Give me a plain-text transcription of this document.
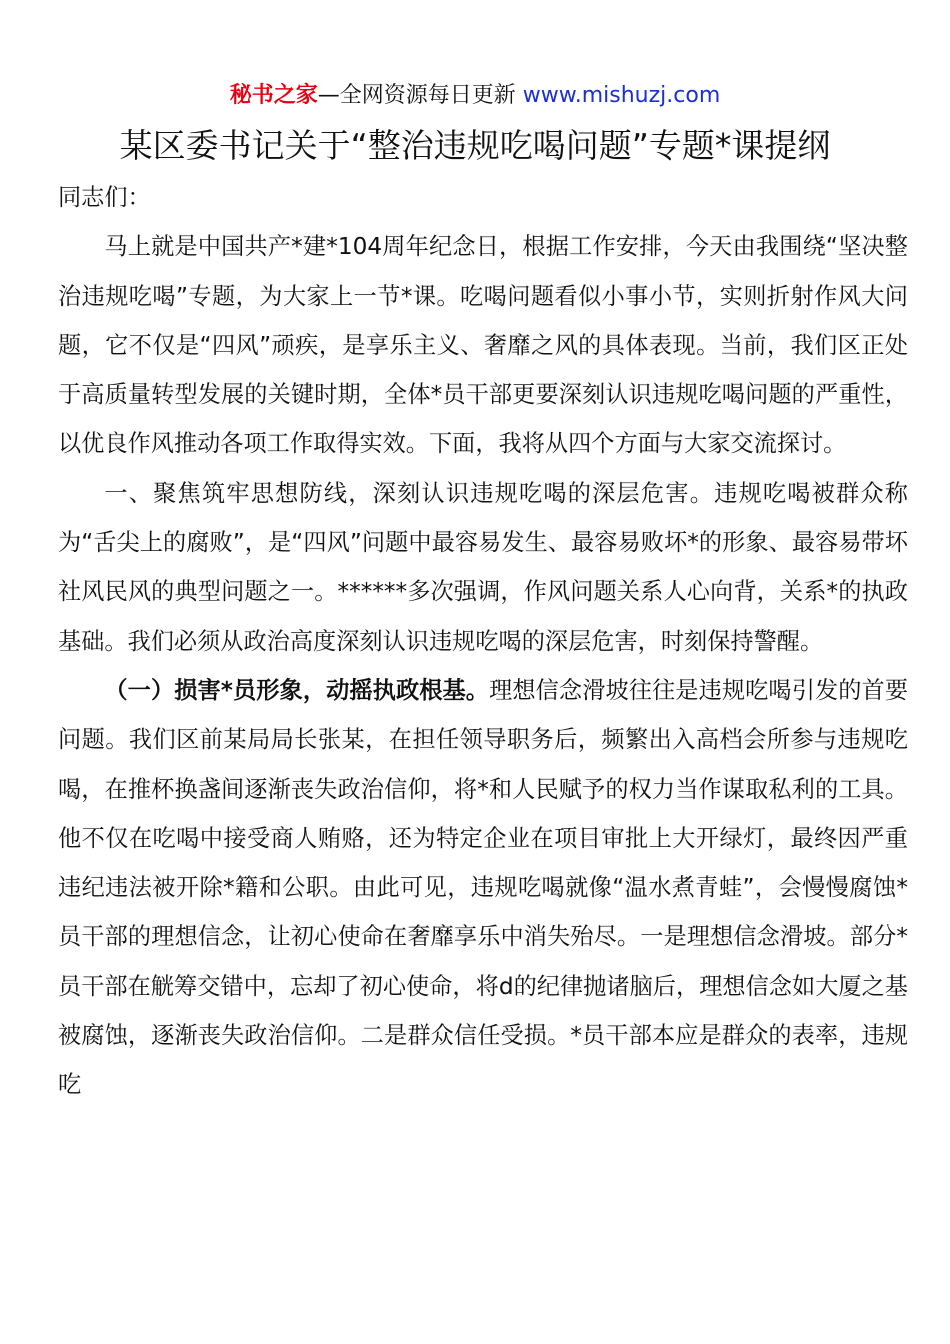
秘书之家—全网资源每日更新 www.mishuzj.com
某区委书记关于“整治违规吃喝问题”专题*课提纲

同志们：

马上就是中国共产*建*104周年纪念日，根据工作安排，今天由我围绕“坚决整治违规吃喝”专题，为大家上一节*课。吃喝问题看似小事小节，实则折射作风大问题，它不仅是“四风”顽疾，是享乐主义、奢靡之风的具体表现。当前，我们区正处于高质量转型发展的关键时期，全体*员干部更要深刻认识违规吃喝问题的严重性，以优良作风推动各项工作取得实效。下面，我将从四个方面与大家交流探讨。

一、聚焦筑牢思想防线，深刻认识违规吃喝的深层危害。违规吃喝被群众称为“舌尖上的腐败”，是“四风”问题中最容易发生、最容易败坏*的形象、最容易带坏社风民风的典型问题之一。******多次强调，作风问题关系人心向背，关系*的执政基础。我们必须从政治高度深刻认识违规吃喝的深层危害，时刻保持警醒。

（一）损害*员形象，动摇执政根基。理想信念滑坡往往是违规吃喝引发的首要问题。我们区前某局局长张某，在担任领导职务后，频繁出入高档会所参与违规吃喝，在推杯换盏间逐渐丧失政治信仰，将*和人民赋予的权力当作谋取私利的工具。他不仅在吃喝中接受商人贿赂，还为特定企业在项目审批上大开绿灯，最终因严重违纪违法被开除*籍和公职。由此可见，违规吃喝就像“温水煮青蛙”，会慢慢腐蚀*员干部的理想信念，让初心使命在奢靡享乐中消失殆尽。一是理想信念滑坡。部分*员干部在觥筹交错中，忘却了初心使命，将d的纪律抛诸脑后，理想信念如大厦之基被腐蚀，逐渐丧失政治信仰。二是群众信任受损。*员干部本应是群众的表率，违规吃
